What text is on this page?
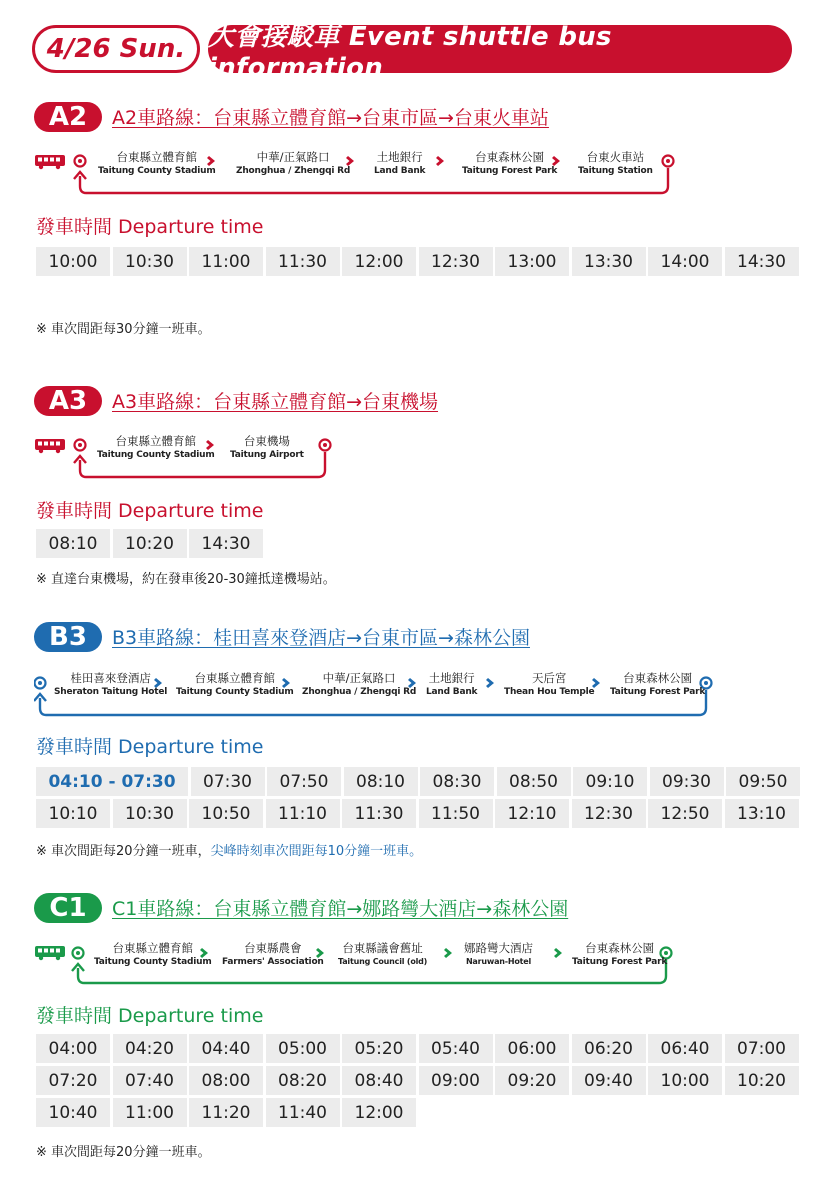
4/26 Sun. 大會接駁車 Event shuttle bus information
A2	A2車路線：台東縣立體育館→台東市區→台東火車站
台東縣立體育館
Taitung County Stadium
中華/正氣路口
Zhonghua / Zhengqi Rd
土地銀行
Land Bank
台東森林公園
Taitung Forest Park
台東火車站
Taitung Station
發車時間 Departure time
10:00	10:30	11:00	11:30	12:00	12:30	13:00	13:30	14:00	14:30
※ 車次間距每30分鐘一班車。
A3	A3車路線：台東縣立體育館→台東機場
台東縣立體育館
Taitung County Stadium
台東機場
Taitung Airport
發車時間 Departure time
08:10	10:20	14:30
※ 直達台東機場，約在發車後20-30鐘抵達機場站。
B3	B3車路線：桂田喜來登酒店→台東市區→森林公園
桂田喜來登酒店
Sheraton Taitung Hotel
台東縣立體育館
Taitung County Stadium
中華/正氣路口
Zhonghua / Zhengqi Rd
土地銀行
Land Bank
天后宮
Thean Hou Temple
台東森林公園
Taitung Forest Park
發車時間 Departure time
04:10 - 07:30	07:30	07:50	08:10	08:30	08:50	09:10	09:30	09:50
10:10	10:30	10:50	11:10	11:30	11:50	12:10	12:30	12:50	13:10
※ 車次間距每20分鐘一班車，尖峰時刻車次間距每10分鐘一班車。
C1	C1車路線：台東縣立體育館→娜路彎大酒店→森林公園
台東縣立體育館
Taitung County Stadium
台東縣農會
Farmers' Association
台東縣議會舊址
Taitung Council (old)
娜路彎大酒店
Naruwan-Hotel
台東森林公園
Taitung Forest Park
發車時間 Departure time
04:00	04:20	04:40	05:00	05:20	05:40	06:00	06:20	06:40	07:00
07:20	07:40	08:00	08:20	08:40	09:00	09:20	09:40	10:00	10:20
10:40	11:00	11:20	11:40	12:00
※ 車次間距每20分鐘一班車。
